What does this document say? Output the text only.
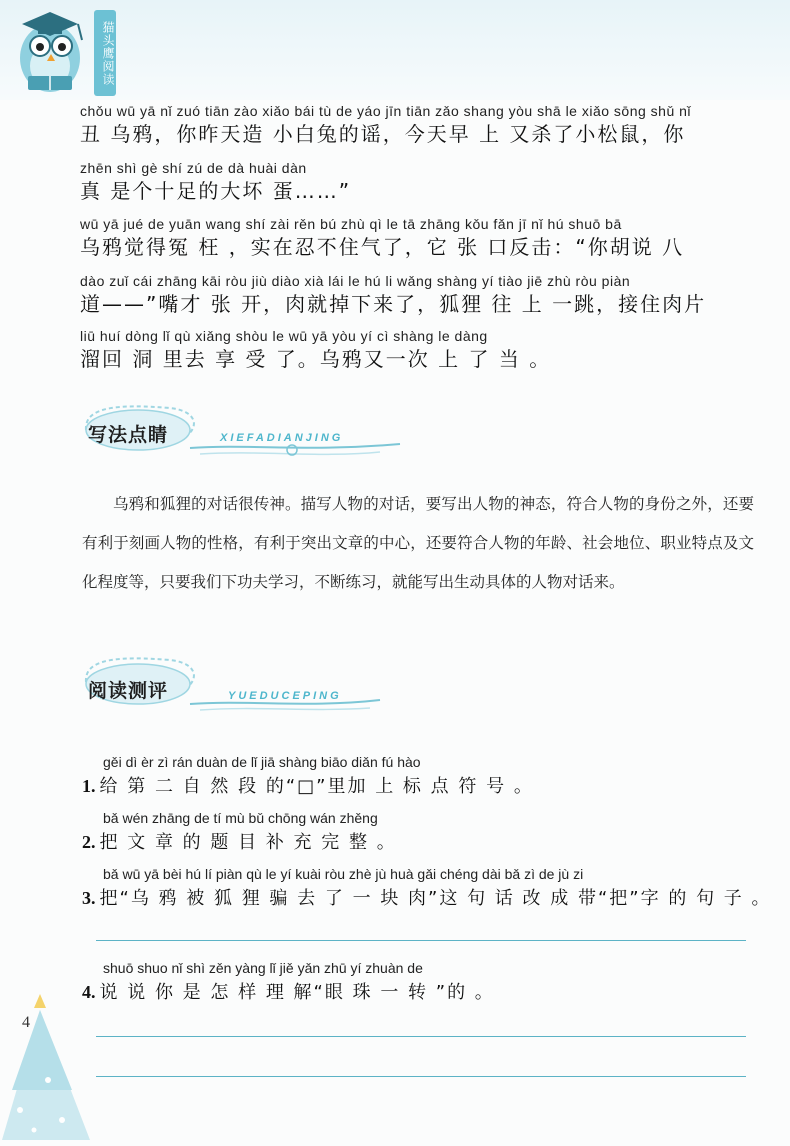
猫头鹰阅读
chǒu wū yā nǐ zuó tiān zào xiǎo bái tù de yáo jīn tiān zǎo shang yòu shā le xiǎo sōng shǔ nǐ
丑 乌鸦，你昨天造 小白兔的谣，今天早 上 又杀了小松鼠，你
zhēn shì gè shí zú de dà huài dàn
真 是个十足的大坏 蛋……”
wū yā jué de yuān wang shí zài rěn bú zhù qì le tā zhāng kǒu fǎn jī nǐ hú shuō bā
乌鸦觉得冤 枉 ，实在忍不住气了，它 张 口反击：“你胡说 八
dào zuǐ cái zhāng kāi ròu jiù diào xià lái le hú li wǎng shàng yí tiào jiē zhù ròu piàn
道——”嘴才 张 开，肉就掉下来了，狐狸 往 上 一跳，接住肉片
liū huí dòng lǐ qù xiǎng shòu le wū yā yòu yí cì shàng le dàng
溜回 洞 里去 享 受 了。乌鸦又一次 上 了 当 。
写法点睛	XIEFADIANJING
乌鸦和狐狸的对话很传神。描写人物的对话，要写出人物的神态，符合人物的身份之外，还要有利于刻画人物的性格，有利于突出文章的中心，还要符合人物的年龄、社会地位、职业特点及文化程度等，只要我们下功夫学习，不断练习，就能写出生动具体的人物对话来。
阅读测评	YUEDUCEPING
gěi dì èr zì rán duàn de lǐ jiā shàng biāo diǎn fú hào
1. 给 第 二 自 然 段 的“□”里加 上 标 点 符 号 。
bǎ wén zhāng de tí mù bǔ chōng wán zhěng
2. 把 文 章 的 题 目 补 充 完 整 。
bǎ wū yā bèi hú lí piàn qù le yí kuài ròu zhè jù huà gǎi chéng dài bǎ zì de jù zi
3. 把“乌 鸦 被 狐 狸 骗 去 了 一 块 肉”这 句 话 改 成 带“把”字 的 句 子 。
shuō shuo nǐ shì zěn yàng lǐ jiě yǎn zhū yí zhuàn de
4. 说 说 你 是 怎 样 理 解“眼 珠 一 转 ”的 。
4
